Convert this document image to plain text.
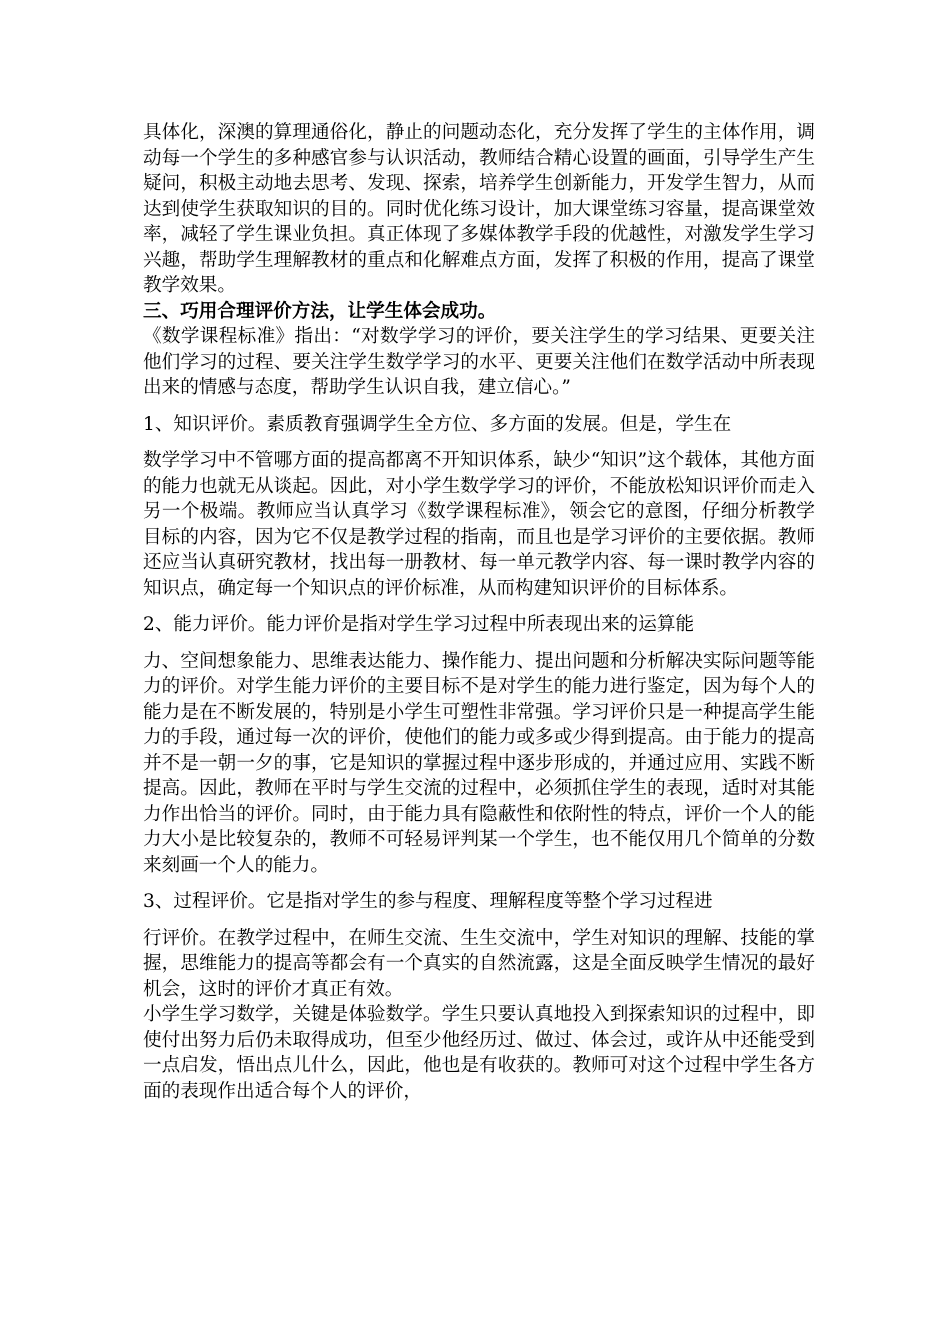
具体化，深澳的算理通俗化，静止的问题动态化，充分发挥了学生的主体作用，调动每一个学生的多种感官参与认识活动，教师结合精心设置的画面，引导学生产生疑问，积极主动地去思考、发现、探索，培养学生创新能力，开发学生智力，从而达到使学生获取知识的目的。同时优化练习设计，加大课堂练习容量，提高课堂效率，减轻了学生课业负担。真正体现了多媒体教学手段的优越性，对激发学生学习兴趣，帮助学生理解教材的重点和化解难点方面，发挥了积极的作用，提高了课堂教学效果。

三、巧用合理评价方法，让学生体会成功。

《数学课程标准》指出：“对数学学习的评价，要关注学生的学习结果、更要关注他们学习的过程、要关注学生数学学习的水平、更要关注他们在数学活动中所表现出来的情感与态度，帮助学生认识自我，建立信心。”

1、知识评价。素质教育强调学生全方位、多方面的发展。但是，学生在

数学学习中不管哪方面的提高都离不开知识体系，缺少“知识”这个载体，其他方面的能力也就无从谈起。因此，对小学生数学学习的评价，不能放松知识评价而走入另一个极端。教师应当认真学习《数学课程标准》，领会它的意图，仔细分析教学目标的内容，因为它不仅是教学过程的指南，而且也是学习评价的主要依据。教师还应当认真研究教材，找出每一册教材、每一单元教学内容、每一课时教学内容的知识点，确定每一个知识点的评价标准，从而构建知识评价的目标体系。

2、能力评价。能力评价是指对学生学习过程中所表现出来的运算能

力、空间想象能力、思维表达能力、操作能力、提出问题和分析解决实际问题等能力的评价。对学生能力评价的主要目标不是对学生的能力进行鉴定，因为每个人的能力是在不断发展的，特别是小学生可塑性非常强。学习评价只是一种提高学生能力的手段，通过每一次的评价，使他们的能力或多或少得到提高。由于能力的提高并不是一朝一夕的事，它是知识的掌握过程中逐步形成的，并通过应用、实践不断提高。因此，教师在平时与学生交流的过程中，必须抓住学生的表现，适时对其能力作出恰当的评价。同时，由于能力具有隐蔽性和依附性的特点，评价一个人的能力大小是比较复杂的，教师不可轻易评判某一个学生，也不能仅用几个简单的分数来刻画一个人的能力。

3、过程评价。它是指对学生的参与程度、理解程度等整个学习过程进

行评价。在教学过程中，在师生交流、生生交流中，学生对知识的理解、技能的掌握，思维能力的提高等都会有一个真实的自然流露，这是全面反映学生情况的最好机会，这时的评价才真正有效。

小学生学习数学，关键是体验数学。学生只要认真地投入到探索知识的过程中，即使付出努力后仍未取得成功，但至少他经历过、做过、体会过，或许从中还能受到一点启发，悟出点儿什么，因此，他也是有收获的。教师可对这个过程中学生各方面的表现作出适合每个人的评价，
